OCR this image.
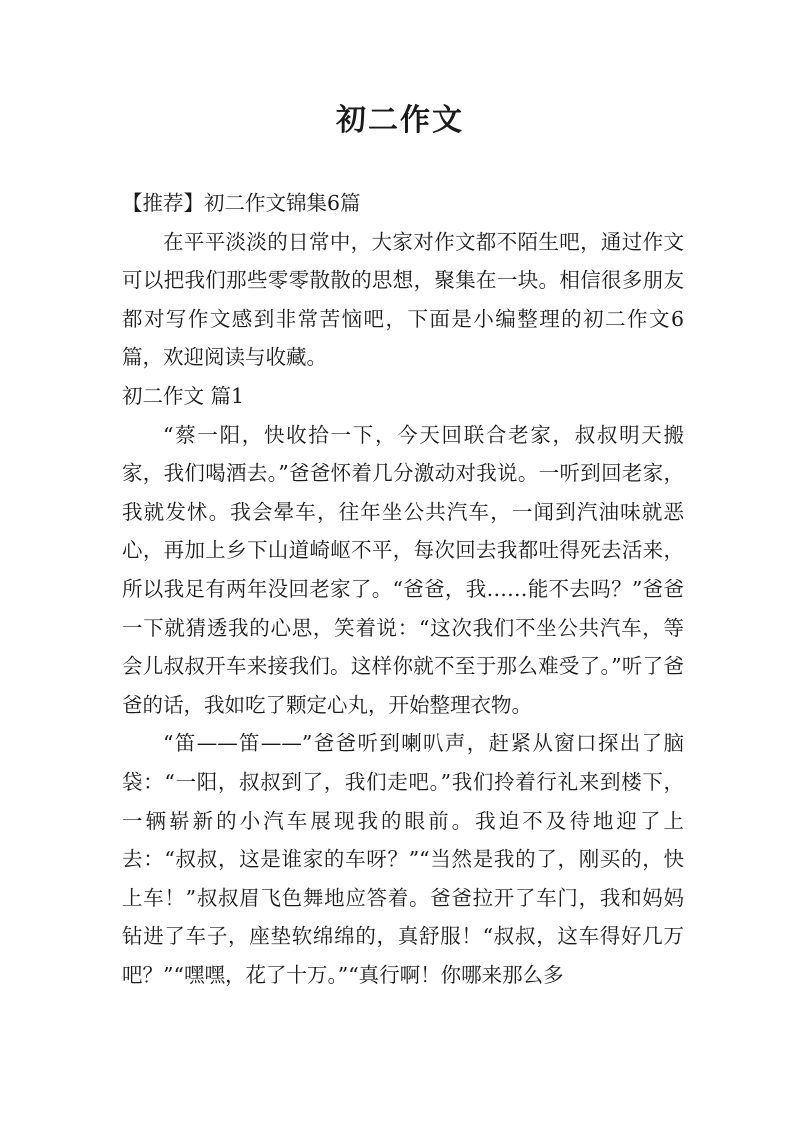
初二作文

【推荐】初二作文锦集6篇

在平平淡淡的日常中，大家对作文都不陌生吧，通过作文可以把我们那些零零散散的思想，聚集在一块。相信很多朋友都对写作文感到非常苦恼吧，下面是小编整理的初二作文6篇，欢迎阅读与收藏。

初二作文 篇1

“蔡一阳，快收拾一下，今天回联合老家，叔叔明天搬家，我们喝酒去。”爸爸怀着几分激动对我说。一听到回老家，我就发怵。我会晕车，往年坐公共汽车，一闻到汽油味就恶心，再加上乡下山道崎岖不平，每次回去我都吐得死去活来，所以我足有两年没回老家了。“爸爸，我……能不去吗？”爸爸一下就猜透我的心思，笑着说：“这次我们不坐公共汽车，等会儿叔叔开车来接我们。这样你就不至于那么难受了。”听了爸爸的话，我如吃了颗定心丸，开始整理衣物。

“笛——笛——”爸爸听到喇叭声，赶紧从窗口探出了脑袋：“一阳，叔叔到了，我们走吧。”我们拎着行礼来到楼下，一辆崭新的小汽车展现我的眼前。我迫不及待地迎了上去：“叔叔，这是谁家的车呀？”“当然是我的了，刚买的，快上车！”叔叔眉飞色舞地应答着。爸爸拉开了车门，我和妈妈钻进了车子，座垫软绵绵的，真舒服！“叔叔，这车得好几万吧？”“嘿嘿，花了十万。”“真行啊！你哪来那么多
